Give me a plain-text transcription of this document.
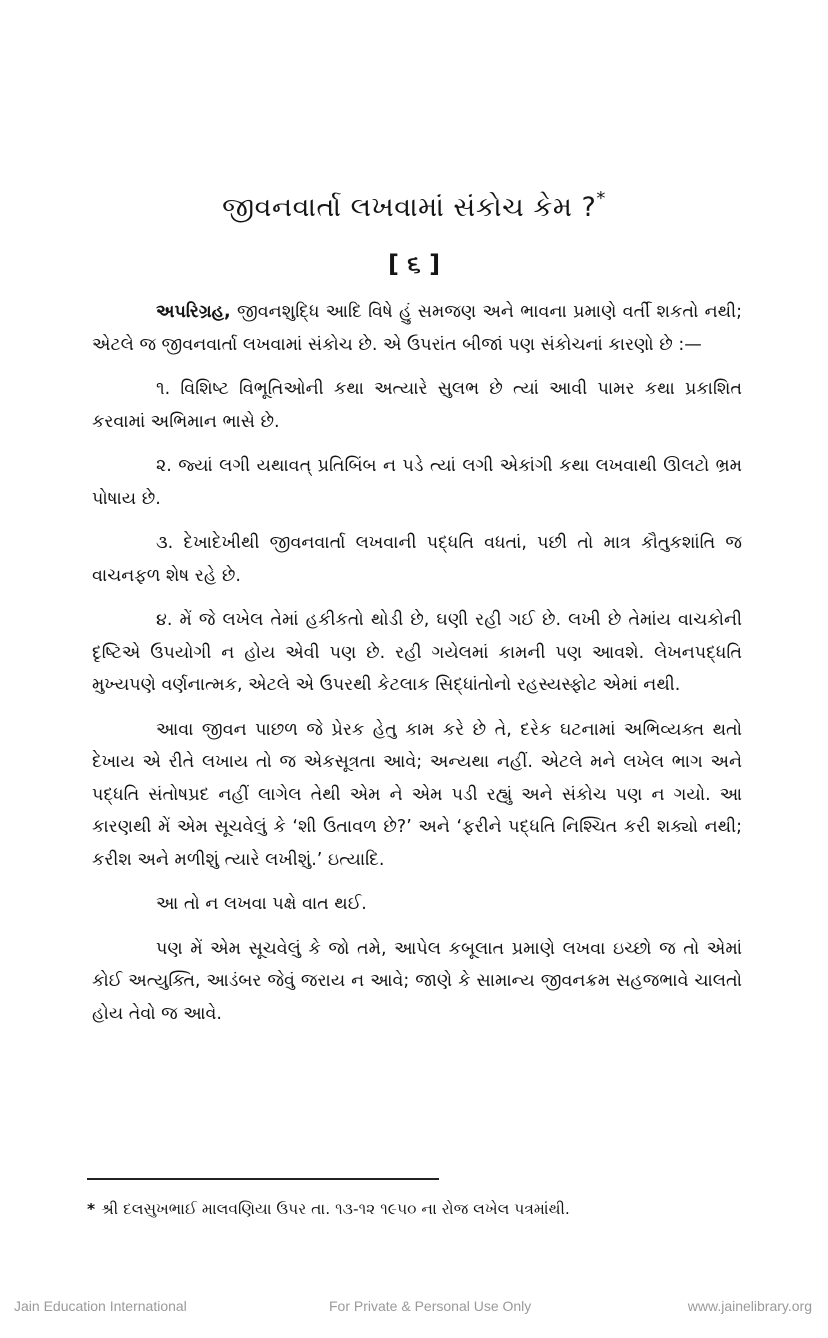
જીવનવાર્તા લખવામાં સંકોચ કેમ ?*
[ ૬ ]

અપરિગ્રહ, જીવનશુદ્ધિ આદિ વિષે હું સમજણ અને ભાવના પ્રમાણે વર્તી શકતો નથી; એટલે જ જીવનવાર્તા લખવામાં સંકોચ છે. એ ઉપરાંત બીજાં પણ સંકોચનાં કારણો છે :—

૧. વિશિષ્ટ વિભૂતિઓની કથા અત્યારે સુલભ છે ત્યાં આવી પામર કથા પ્રકાશિત કરવામાં અભિમાન ભાસે છે.

૨. જ્યાં લગી યથાવત્ પ્રતિબિંબ ન પડે ત્યાં લગી એકાંગી કથા લખવાથી ઊલટો ભ્રમ પોષાય છે.

૩. દેખાદેખીથી જીવનવાર્તા લખવાની પદ્ધતિ વધતાં, પછી તો માત્ર કૌતુકશાંતિ જ વાચનફળ શેષ રહે છે.

૪. મેં જે લખેલ તેમાં હકીકતો થોડી છે, ઘણી રહી ગઈ છે. લખી છે તેમાંય વાચકોની દૃષ્ટિએ ઉપયોગી ન હોય એવી પણ છે. રહી ગયેલમાં કામની પણ આવશે. લેખનપદ્ધતિ મુખ્યપણે વર્ણનાત્મક, એટલે એ ઉપરથી કેટલાક સિદ્ધાંતોનો રહસ્યસ્ફોટ એમાં નથી.

આવા જીવન પાછળ જે પ્રેરક હેતુ કામ કરે છે તે, દરેક ઘટનામાં અભિવ્યક્ત થતો દેખાય એ રીતે લખાય તો જ એકસૂત્રતા આવે; અન્યથા નહીં. એટલે મને લખેલ ભાગ અને પદ્ધતિ સંતોષપ્રદ નહીં લાગેલ તેથી એમ ને એમ પડી રહ્યું અને સંકોચ પણ ન ગયો. આ કારણથી મેં એમ સૂચવેલું કે ‘શી ઉતાવળ છે?’ અને ‘ફરીને પદ્ધતિ નિશ્ચિત કરી શક્યો નથી; કરીશ અને મળીશું ત્યારે લખીશું.’ ઇત્યાદિ.

આ તો ન લખવા પક્ષે વાત થઈ.

પણ મેં એમ સૂચવેલું કે જો તમે, આપેલ કબૂલાત પ્રમાણે લખવા ઇચ્છો જ તો એમાં કોઈ અત્યુક્તિ, આડંબર જેવું જરાય ન આવે; જાણે કે સામાન્ય જીવનક્રમ સહજભાવે ચાલતો હોય તેવો જ આવે.

* શ્રી દલસુખભાઈ માલવણિયા ઉપર તા. ૧૩-૧૨ ૧૯૫૦ ના રોજ લખેલ પત્રમાંથી.
Jain Education International	For Private & Personal Use Only	www.jainelibrary.org
